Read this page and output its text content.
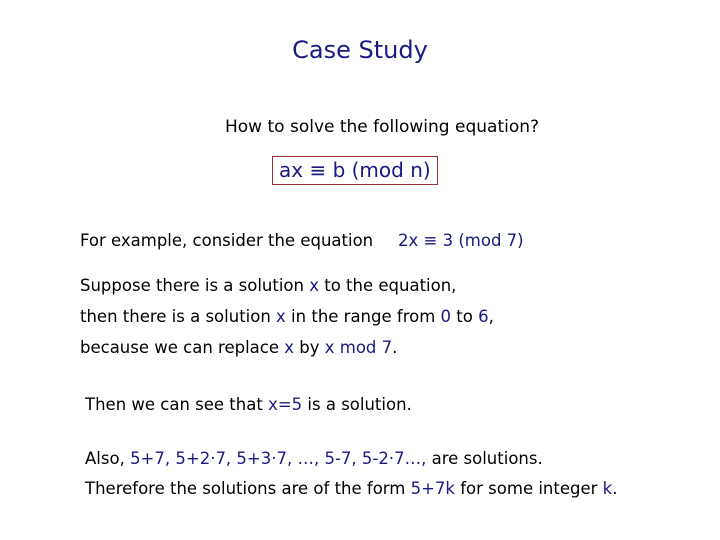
Case Study
How to solve the following equation?
ax ≡ b (mod n)
For example, consider the equation 2x ≡ 3 (mod 7)
Suppose there is a solution x to the equation,
then there is a solution x in the range from 0 to 6,
because we can replace x by x mod 7.
Then we can see that x=5 is a solution.
Also, 5+7, 5+2·7, 5+3·7, …, 5-7, 5-2·7…, are solutions.
Therefore the solutions are of the form 5+7k for some integer k.
